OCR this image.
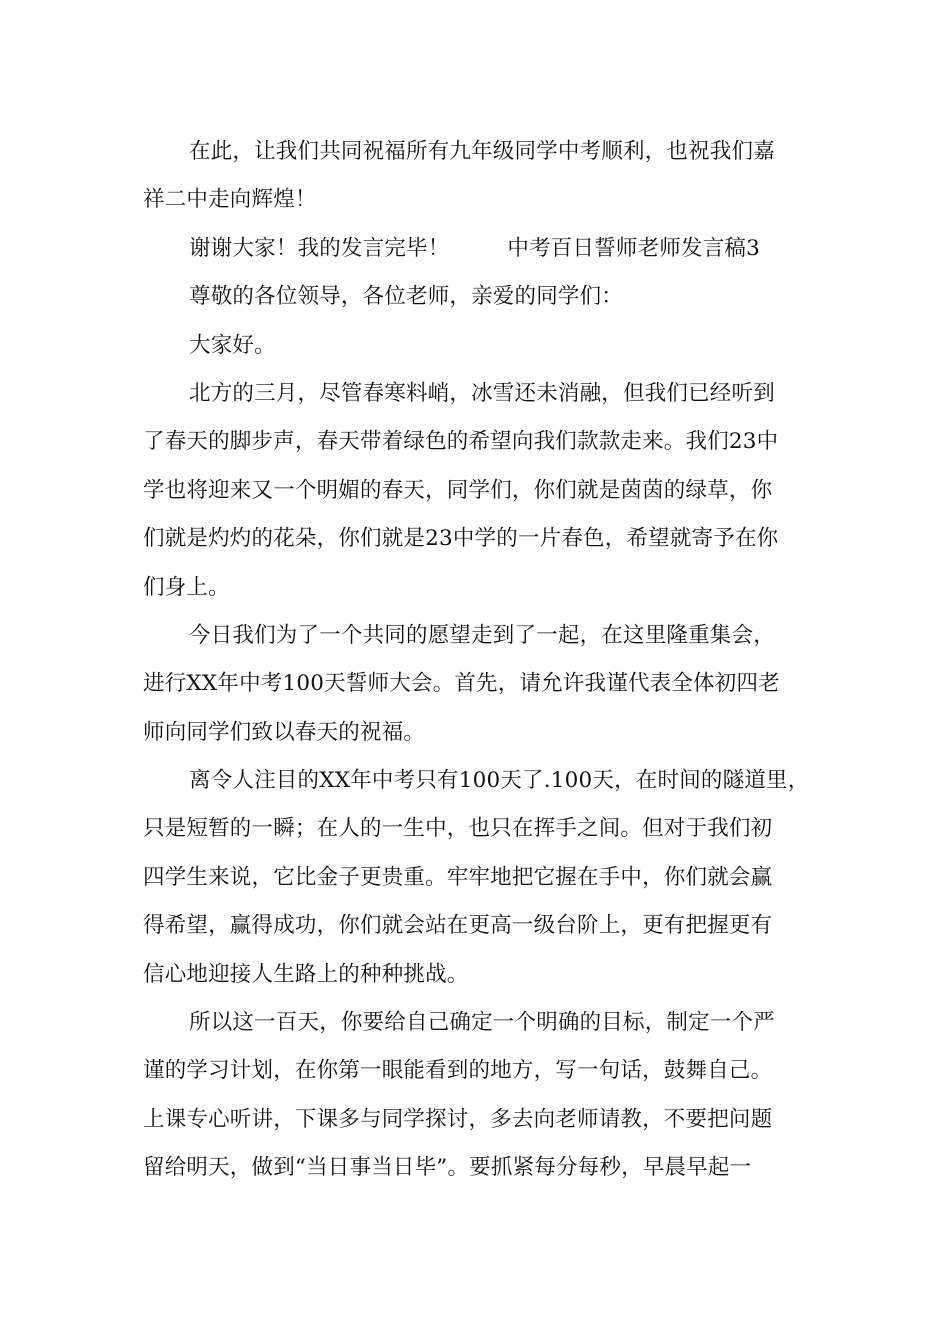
在此，让我们共同祝福所有九年级同学中考顺利，也祝我们嘉
祥二中走向辉煌！
谢谢大家！我的发言完毕！	中考百日誓师老师发言稿3
尊敬的各位领导，各位老师，亲爱的同学们：
大家好。
北方的三月，尽管春寒料峭，冰雪还未消融，但我们已经听到
了春天的脚步声，春天带着绿色的希望向我们款款走来。我们23中
学也将迎来又一个明媚的春天，同学们，你们就是茵茵的绿草，你
们就是灼灼的花朵，你们就是23中学的一片春色，希望就寄予在你
们身上。
今日我们为了一个共同的愿望走到了一起，在这里隆重集会，
进行XX年中考100天誓师大会。首先，请允许我谨代表全体初四老
师向同学们致以春天的祝福。
离令人注目的XX年中考只有100天了.100天，在时间的隧道里，
只是短暂的一瞬；在人的一生中，也只在挥手之间。但对于我们初
四学生来说，它比金子更贵重。牢牢地把它握在手中，你们就会赢
得希望，赢得成功，你们就会站在更高一级台阶上，更有把握更有
信心地迎接人生路上的种种挑战。
所以这一百天，你要给自己确定一个明确的目标，制定一个严
谨的学习计划，在你第一眼能看到的地方，写一句话，鼓舞自己。
上课专心听讲，下课多与同学探讨，多去向老师请教，不要把问题
留给明天，做到“当日事当日毕”。要抓紧每分每秒，早晨早起一
